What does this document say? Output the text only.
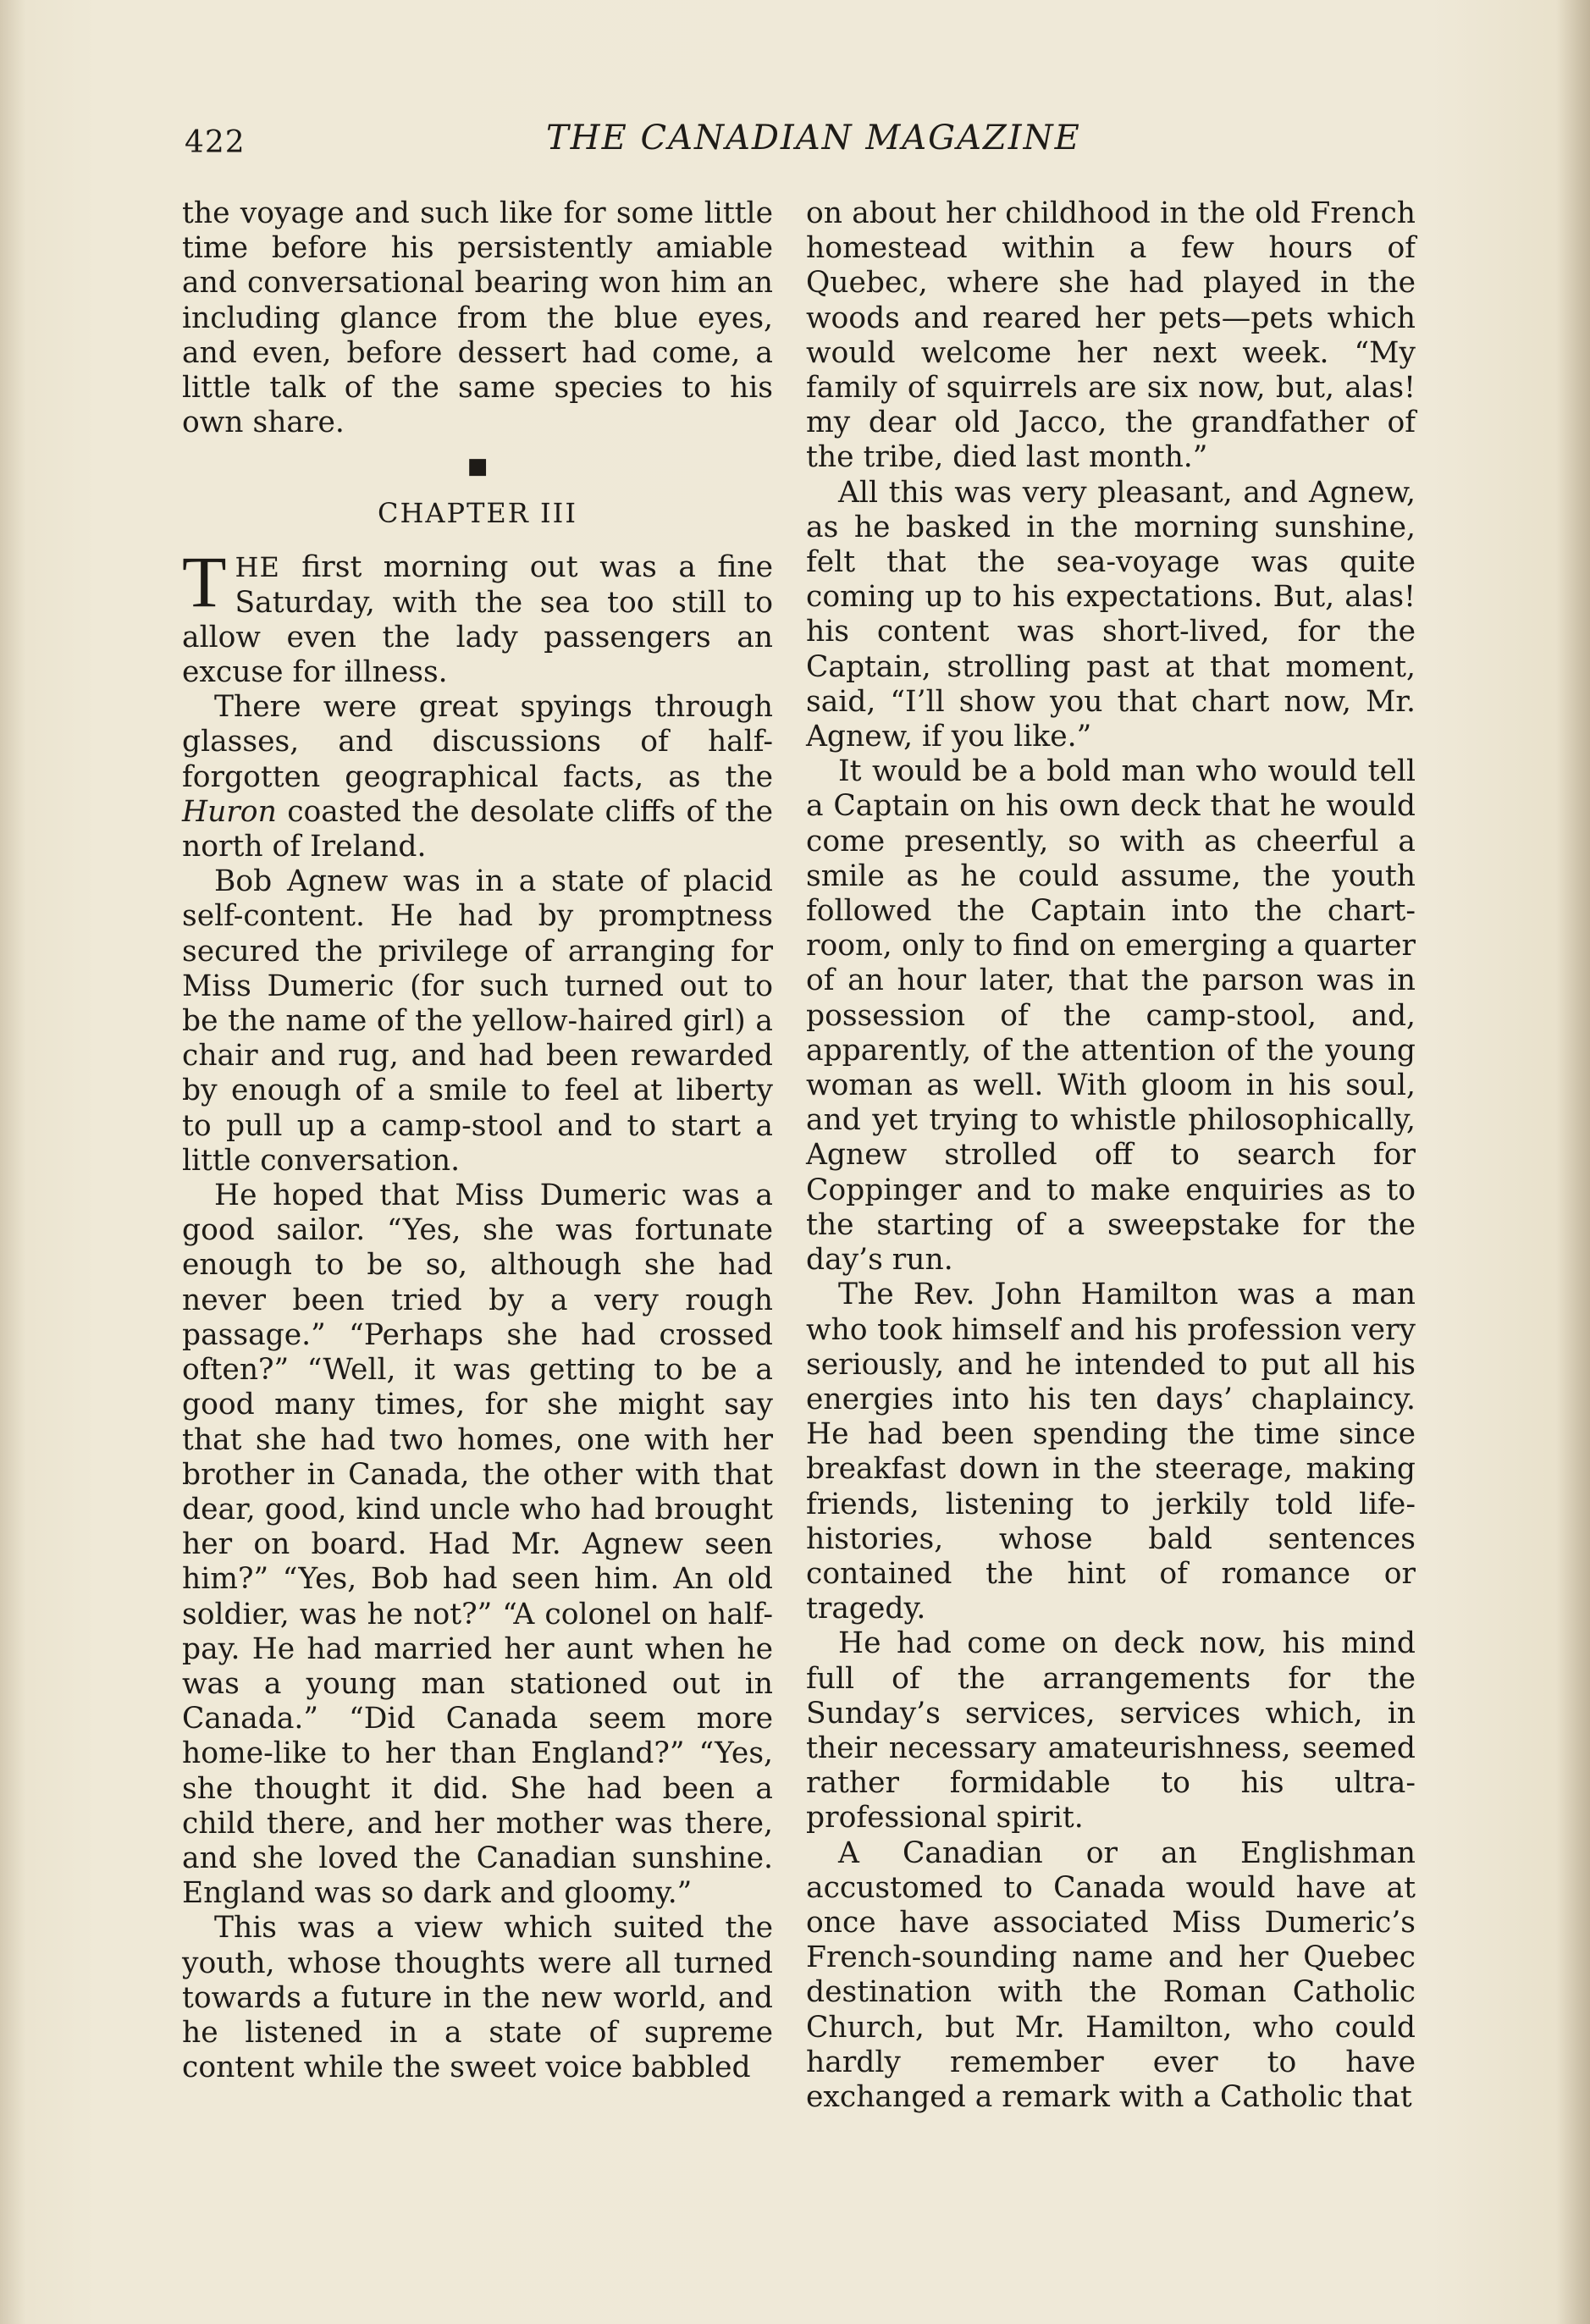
422	THE CANADIAN MAGAZINE

the voyage and such like for some little time before his persistently amiable and conversational bearing won him an including glance from the blue eyes, and even, before dessert had come, a little talk of the same species to his own share.

■
CHAPTER III

THE first morning out was a fine Saturday, with the sea too still to allow even the lady passengers an excuse for illness.

There were great spyings through glasses, and discussions of half-forgotten geographical facts, as the Huron coasted the desolate cliffs of the north of Ireland.

Bob Agnew was in a state of placid self-content. He had by promptness secured the privilege of arranging for Miss Dumeric (for such turned out to be the name of the yellow-haired girl) a chair and rug, and had been rewarded by enough of a smile to feel at liberty to pull up a camp-stool and to start a little conversation.

He hoped that Miss Dumeric was a good sailor. “Yes, she was fortunate enough to be so, although she had never been tried by a very rough passage.” “Perhaps she had crossed often?” “Well, it was getting to be a good many times, for she might say that she had two homes, one with her brother in Canada, the other with that dear, good, kind uncle who had brought her on board. Had Mr. Agnew seen him?” “Yes, Bob had seen him. An old soldier, was he not?” “A colonel on half-pay. He had married her aunt when he was a young man stationed out in Canada.” “Did Canada seem more home-like to her than England?” “Yes, she thought it did. She had been a child there, and her mother was there, and she loved the Canadian sunshine. England was so dark and gloomy.”

This was a view which suited the youth, whose thoughts were all turned towards a future in the new world, and he listened in a state of supreme content while the sweet voice babbled

on about her childhood in the old French homestead within a few hours of Quebec, where she had played in the woods and reared her pets—pets which would welcome her next week. “My family of squirrels are six now, but, alas! my dear old Jacco, the grandfather of the tribe, died last month.”

All this was very pleasant, and Agnew, as he basked in the morning sunshine, felt that the sea-voyage was quite coming up to his expectations. But, alas! his content was short-lived, for the Captain, strolling past at that moment, said, “I’ll show you that chart now, Mr. Agnew, if you like.”

It would be a bold man who would tell a Captain on his own deck that he would come presently, so with as cheerful a smile as he could assume, the youth followed the Captain into the chart-room, only to find on emerging a quarter of an hour later, that the parson was in possession of the camp-stool, and, apparently, of the attention of the young woman as well. With gloom in his soul, and yet trying to whistle philosophically, Agnew strolled off to search for Coppinger and to make enquiries as to the starting of a sweepstake for the day’s run.

The Rev. John Hamilton was a man who took himself and his profession very seriously, and he intended to put all his energies into his ten days’ chaplaincy. He had been spending the time since breakfast down in the steerage, making friends, listening to jerkily told life-histories, whose bald sentences contained the hint of romance or tragedy.

He had come on deck now, his mind full of the arrangements for the Sunday’s services, services which, in their necessary amateurishness, seemed rather formidable to his ultra-professional spirit.

A Canadian or an Englishman accustomed to Canada would have at once have associated Miss Dumeric’s French-sounding name and her Quebec destination with the Roman Catholic Church, but Mr. Hamilton, who could hardly remember ever to have exchanged a remark with a Catholic that
